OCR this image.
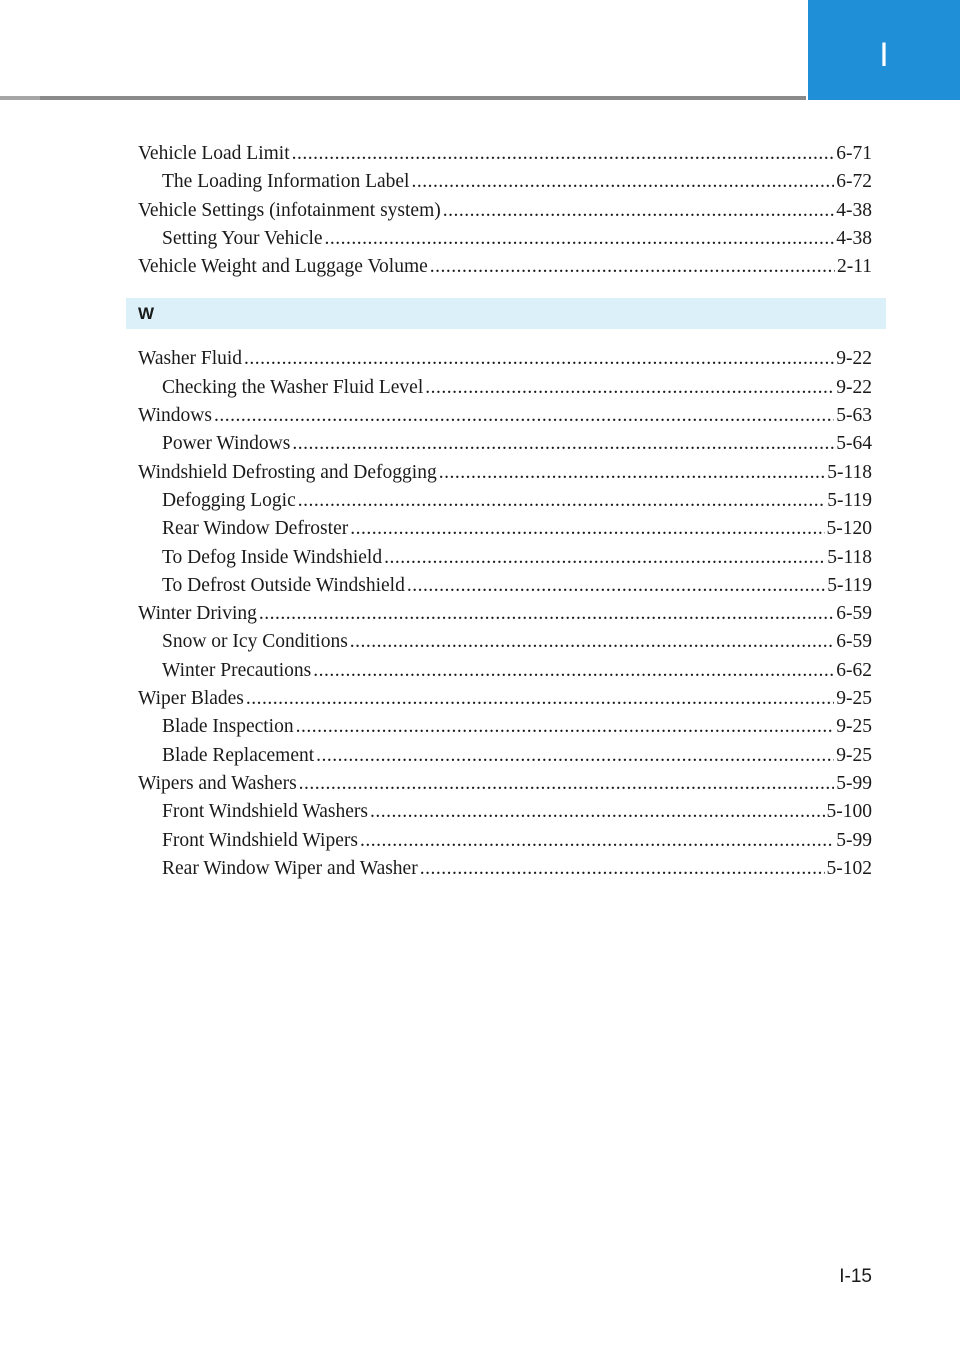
I
Vehicle Load Limit .....	6-71
The Loading Information Label .....	6-72
Vehicle Settings (infotainment system) .....	4-38
Setting Your Vehicle .....	4-38
Vehicle Weight and Luggage Volume .....	2-11
W
Washer Fluid .....	9-22
Checking the Washer Fluid Level .....	9-22
Windows .....	5-63
Power Windows .....	5-64
Windshield Defrosting and Defogging .....	5-118
Defogging Logic .....	5-119
Rear Window Defroster .....	5-120
To Defog Inside Windshield .....	5-118
To Defrost Outside Windshield .....	5-119
Winter Driving .....	6-59
Snow or Icy Conditions .....	6-59
Winter Precautions .....	6-62
Wiper Blades .....	9-25
Blade Inspection .....	9-25
Blade Replacement .....	9-25
Wipers and Washers .....	5-99
Front Windshield Washers .....	5-100
Front Windshield Wipers .....	5-99
Rear Window Wiper and Washer .....	5-102
I-15
